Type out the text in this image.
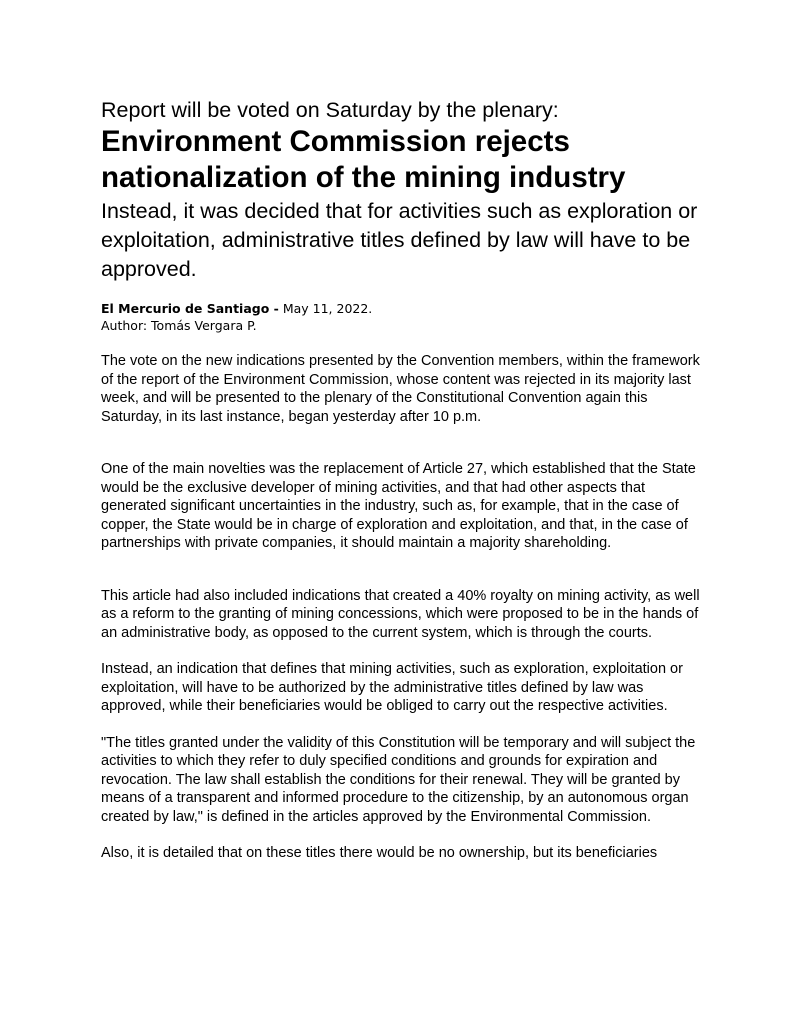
Report will be voted on Saturday by the plenary:
Environment Commission rejects nationalization of the mining industry
Instead, it was decided that for activities such as exploration or exploitation, administrative titles defined by law will have to be approved.
El Mercurio de Santiago - May 11, 2022.
Author: Tomás Vergara P.

The vote on the new indications presented by the Convention members, within the framework of the report of the Environment Commission, whose content was rejected in its majority last week, and will be presented to the plenary of the Constitutional Convention again this Saturday, in its last instance, began yesterday after 10 p.m.

One of the main novelties was the replacement of Article 27, which established that the State would be the exclusive developer of mining activities, and that had other aspects that generated significant uncertainties in the industry, such as, for example, that in the case of copper, the State would be in charge of exploration and exploitation, and that, in the case of partnerships with private companies, it should maintain a majority shareholding.

This article had also included indications that created a 40% royalty on mining activity, as well as a reform to the granting of mining concessions, which were proposed to be in the hands of an administrative body, as opposed to the current system, which is through the courts.

Instead, an indication that defines that mining activities, such as exploration, exploitation or exploitation, will have to be authorized by the administrative titles defined by law was approved, while their beneficiaries would be obliged to carry out the respective activities.

"The titles granted under the validity of this Constitution will be temporary and will subject the activities to which they refer to duly specified conditions and grounds for expiration and revocation. The law shall establish the conditions for their renewal. They will be granted by means of a transparent and informed procedure to the citizenship, by an autonomous organ created by law," is defined in the articles approved by the Environmental Commission.

Also, it is detailed that on these titles there would be no ownership, but its beneficiaries
